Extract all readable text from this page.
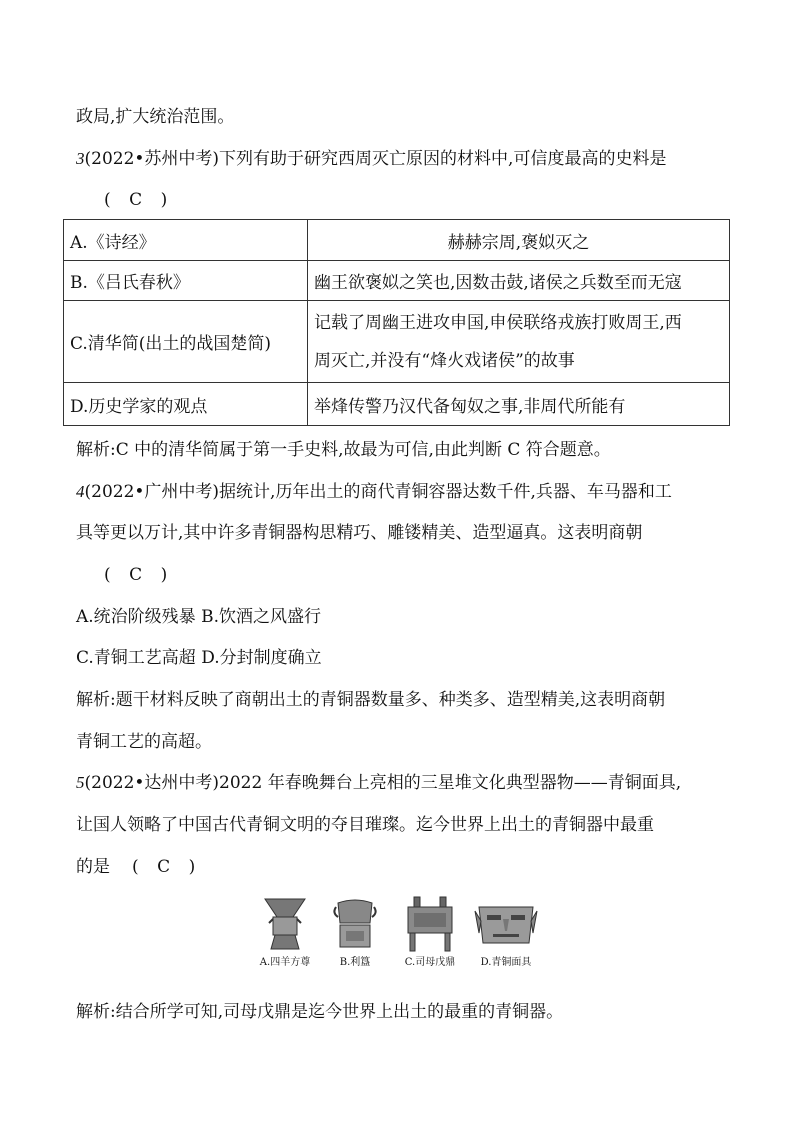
政局,扩大统治范围。
3(2022•苏州中考)下列有助于研究西周灭亡原因的材料中,可信度最高的史料是
( C )
A.《诗经》	赫赫宗周,褒姒灭之
B.《吕氏春秋》	幽王欲褒姒之笑也,因数击鼓,诸侯之兵数至而无寇
C.清华简(出土的战国楚简)	记载了周幽王进攻申国,申侯联络戎族打败周王,西
周灭亡,并没有“烽火戏诸侯”的故事

D.历史学家的观点	举烽传警乃汉代备匈奴之事,非周代所能有
解析:C 中的清华简属于第一手史料,故最为可信,由此判断 C 符合题意。
4(2022•广州中考)据统计,历年出土的商代青铜容器达数千件,兵器、车马器和工
具等更以万计,其中许多青铜器构思精巧、雕镂精美、造型逼真。这表明商朝
( C )
A.统治阶级残暴 B.饮酒之风盛行
C.青铜工艺高超 D.分封制度确立
解析:题干材料反映了商朝出土的青铜器数量多、种类多、造型精美,这表明商朝
青铜工艺的高超。
5(2022•达州中考)2022 年春晚舞台上亮相的三星堆文化典型器物——青铜面具,
让国人领略了中国古代青铜文明的夺目璀璨。迄今世界上出土的青铜器中最重
的是 ( C )
A.四羊方尊	B.利簋	C.司母戊鼎	D.青铜面具
解析:结合所学可知,司母戊鼎是迄今世界上出土的最重的青铜器。
